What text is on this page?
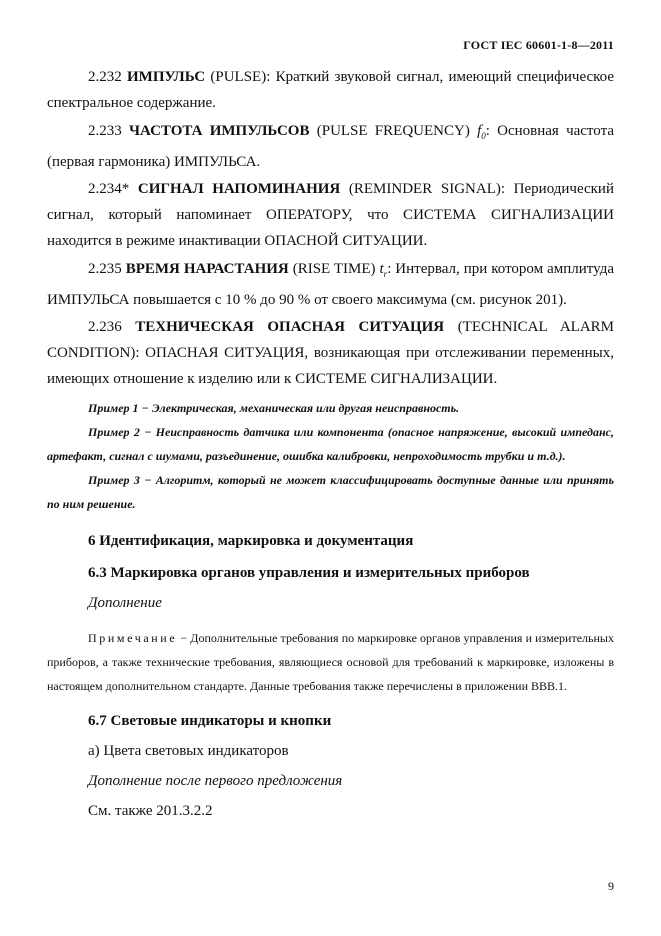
ГОСТ IEC 60601-1-8—2011

2.232 ИМПУЛЬС (PULSE): Краткий звуковой сигнал, имеющий специфическое спектральное содержание.

2.233 ЧАСТОТА ИМПУЛЬСОВ (PULSE FREQUENCY) $f_0$: Основная частота (первая гармоника) ИМПУЛЬСА.

2.234* СИГНАЛ НАПОМИНАНИЯ (REMINDER SIGNAL): Периодический сигнал, который напоминает ОПЕРАТОРУ, что СИСТЕМА СИГНАЛИЗАЦИИ находится в режиме инактивации ОПАСНОЙ СИТУАЦИИ.

2.235 ВРЕМЯ НАРАСТАНИЯ (RISE TIME) $t_r$: Интервал, при котором амплитуда ИМПУЛЬСА повышается с 10 % до 90 % от своего максимума (см. рисунок 201).

2.236 ТЕХНИЧЕСКАЯ ОПАСНАЯ СИТУАЦИЯ (TECHNICAL ALARM CONDITION): ОПАСНАЯ СИТУАЦИЯ, возникающая при отслеживании переменных, имеющих отношение к изделию или к СИСТЕМЕ СИГНАЛИЗАЦИИ.

Пример 1 − Электрическая, механическая или другая неисправность.

Пример 2 − Неисправность датчика или компонента (опасное напряжение, высокий импеданс, артефакт, сигнал с шумами, разъединение, ошибка калибровки, непроходимость трубки и т.д.).

Пример 3 − Алгоритм, который не может классифицировать доступные данные или принять по ним решение.

6 Идентификация, маркировка и документация
6.3 Маркировка органов управления и измерительных приборов
Дополнение

Примечание − Дополнительные требования по маркировке органов управления и измерительных приборов, а также технические требования, являющиеся основой для требований к маркировке, изложены в настоящем дополнительном стандарте. Данные требования также перечислены в приложении ВВВ.1.

6.7 Световые индикаторы и кнопки
a) Цвета световых индикаторов
Дополнение после первого предложения
См. также 201.3.2.2
9
